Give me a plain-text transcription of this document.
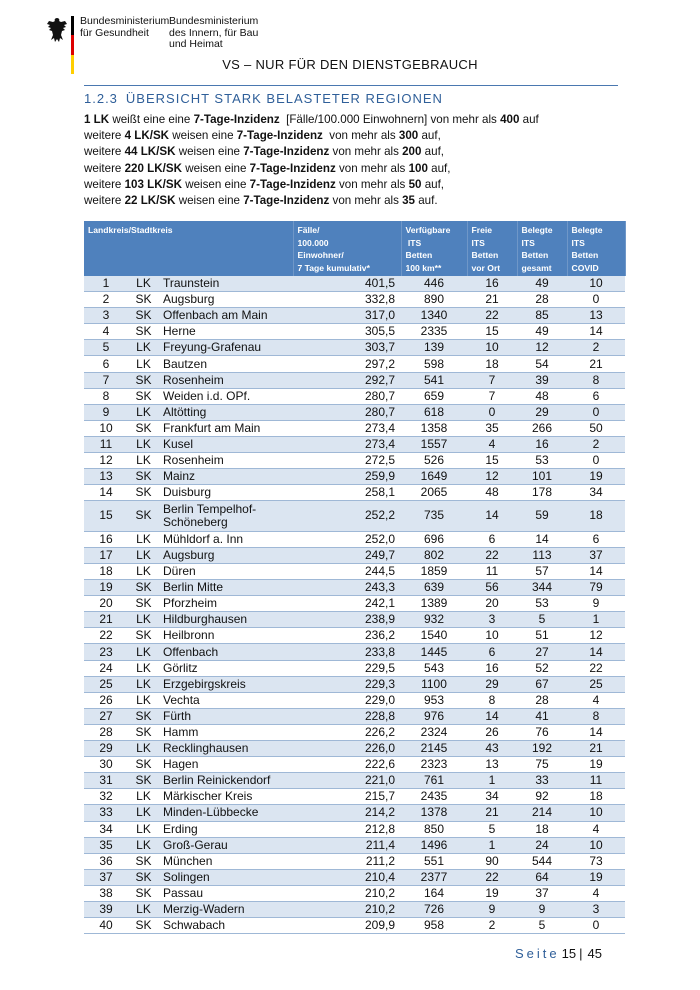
Bundesministerium
für Gesundheit
Bundesministerium
des Innern, für Bau
und Heimat
VS – NUR FÜR DEN DIENSTGEBRAUCH
1.2.3 ÜBERSICHT STARK BELASTETER REGIONEN
1 LK weißt eine eine 7-Tage-Inzidenz  [Fälle/100.000 Einwohnern] von mehr als 400 auf
weitere 4 LK/SK weisen eine 7-Tage-Inzidenz  von mehr als 300 auf,
weitere 44 LK/SK weisen eine 7-Tage-Inzidenz von mehr als 200 auf,
weitere 220 LK/SK weisen eine 7-Tage-Inzidenz von mehr als 100 auf,
weitere 103 LK/SK weisen eine 7-Tage-Inzidenz von mehr als 50 auf,
weitere 22 LK/SK weisen eine 7-Tage-Inzidenz von mehr als 35 auf.
Landkreis/Stadtkreis			Fälle/
100.000
Einwohner/
7 Tage kumulativ*	Verfügbare
ITS
Betten
100 km**	Freie
ITS
Betten
vor Ort	Belegte
ITS
Betten
gesamt	Belegte
ITS
Betten
COVID

1	LK	Traunstein	401,5	446	16	49	10
2	SK	Augsburg	332,8	890	21	28	0
3	SK	Offenbach am Main	317,0	1340	22	85	13
4	SK	Herne	305,5	2335	15	49	14
5	LK	Freyung-Grafenau	303,7	139	10	12	2
6	LK	Bautzen	297,2	598	18	54	21
7	SK	Rosenheim	292,7	541	7	39	8
8	SK	Weiden i.d. OPf.	280,7	659	7	48	6
9	LK	Altötting	280,7	618	0	29	0
10	SK	Frankfurt am Main	273,4	1358	35	266	50
11	LK	Kusel	273,4	1557	4	16	2
12	LK	Rosenheim	272,5	526	15	53	0
13	SK	Mainz	259,9	1649	12	101	19
14	SK	Duisburg	258,1	2065	48	178	34
15	SK	Berlin Tempelhof-Schöneberg	252,2	735	14	59	18
16	LK	Mühldorf a. Inn	252,0	696	6	14	6
17	LK	Augsburg	249,7	802	22	113	37
18	LK	Düren	244,5	1859	11	57	14
19	SK	Berlin Mitte	243,3	639	56	344	79
20	SK	Pforzheim	242,1	1389	20	53	9
21	LK	Hildburghausen	238,9	932	3	5	1
22	SK	Heilbronn	236,2	1540	10	51	12
23	LK	Offenbach	233,8	1445	6	27	14
24	LK	Görlitz	229,5	543	16	52	22
25	LK	Erzgebirgskreis	229,3	1100	29	67	25
26	LK	Vechta	229,0	953	8	28	4
27	SK	Fürth	228,8	976	14	41	8
28	SK	Hamm	226,2	2324	26	76	14
29	LK	Recklinghausen	226,0	2145	43	192	21
30	SK	Hagen	222,6	2323	13	75	19
31	SK	Berlin Reinickendorf	221,0	761	1	33	11
32	LK	Märkischer Kreis	215,7	2435	34	92	18
33	LK	Minden-Lübbecke	214,2	1378	21	214	10
34	LK	Erding	212,8	850	5	18	4
35	LK	Groß-Gerau	211,4	1496	1	24	10
36	SK	München	211,2	551	90	544	73
37	SK	Solingen	210,4	2377	22	64	19
38	SK	Passau	210,2	164	19	37	4
39	LK	Merzig-Wadern	210,2	726	9	9	3
40	SK	Schwabach	209,9	958	2	5	0
Seite 15 | 45
